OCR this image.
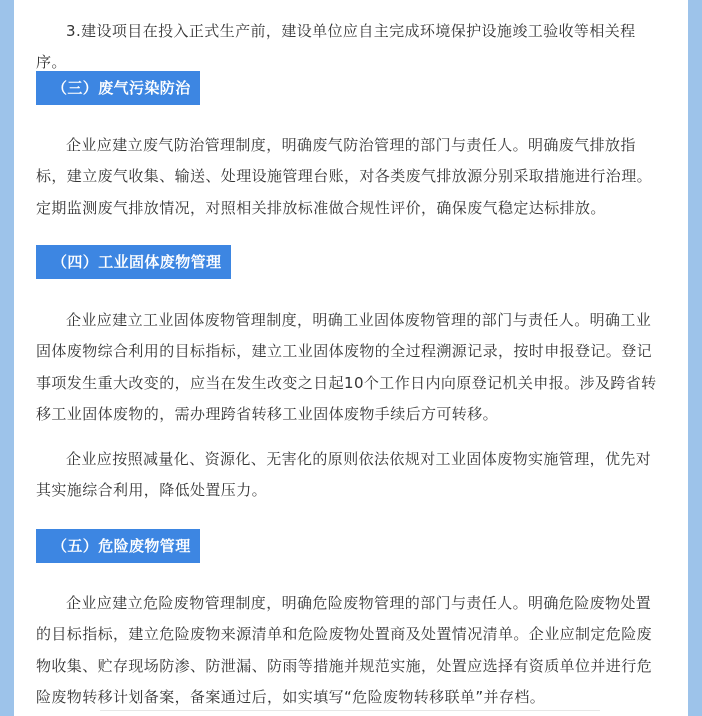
3.建设项目在投入正式生产前，建设单位应自主完成环境保护设施竣工验收等相关程序。

（三）废气污染防治

企业应建立废气防治管理制度，明确废气防治管理的部门与责任人。明确废气排放指标，建立废气收集、输送、处理设施管理台账，对各类废气排放源分别采取措施进行治理。定期监测废气排放情况，对照相关排放标准做合规性评价，确保废气稳定达标排放。

（四）工业固体废物管理

企业应建立工业固体废物管理制度，明确工业固体废物管理的部门与责任人。明确工业固体废物综合利用的目标指标，建立工业固体废物的全过程溯源记录，按时申报登记。登记事项发生重大改变的，应当在发生改变之日起10个工作日内向原登记机关申报。涉及跨省转移工业固体废物的，需办理跨省转移工业固体废物手续后方可转移。

企业应按照减量化、资源化、无害化的原则依法依规对工业固体废物实施管理，优先对其实施综合利用，降低处置压力。

（五）危险废物管理

企业应建立危险废物管理制度，明确危险废物管理的部门与责任人。明确危险废物处置的目标指标，建立危险废物来源清单和危险废物处置商及处置情况清单。企业应制定危险废物收集、贮存现场防渗、防泄漏、防雨等措施并规范实施，处置应选择有资质单位并进行危险废物转移计划备案，备案通过后，如实填写“危险废物转移联单”并存档。
